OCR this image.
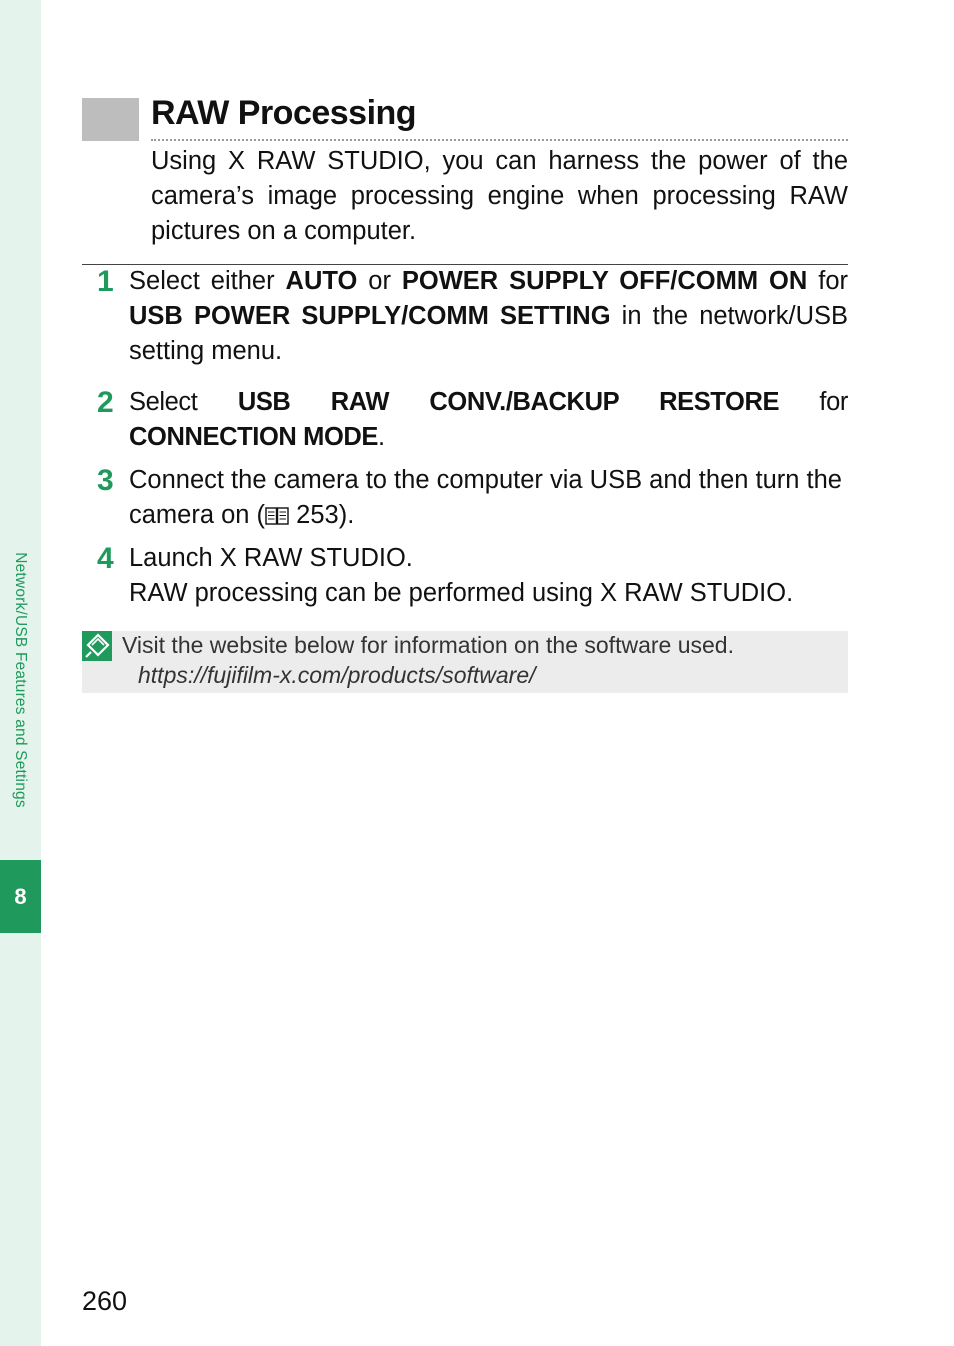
Network/USB Features and Settings
8
RAW Processing

Using X RAW STUDIO, you can harness the power of the camera’s image processing engine when processing RAW pictures on a computer.

1 Select either AUTO or POWER SUPPLY OFF/COMM ON for USB POWER SUPPLY/COMM SETTING in the network/USB setting menu.

2 Select USB RAW CONV./BACKUP RESTORE for CONNECTION MODE.

3 Connect the camera to the computer via USB and then turn the camera on ( 253).

4 Launch X RAW STUDIO.
RAW processing can be performed using X RAW STUDIO.

Visit the website below for information on the software used.
https://fujifilm-x.com/products/software/
260
